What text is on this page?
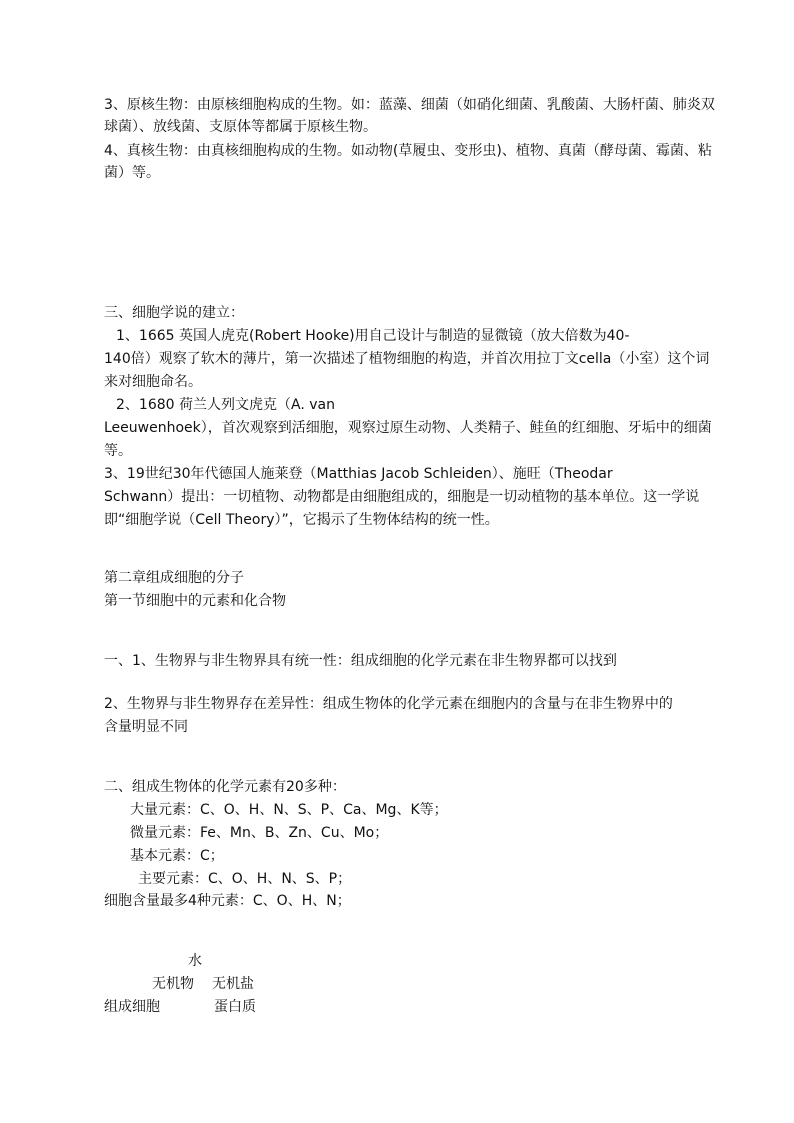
3、原核生物：由原核细胞构成的生物。如：蓝藻、细菌（如硝化细菌、乳酸菌、大肠杆菌、肺炎双
球菌）、放线菌、支原体等都属于原核生物。
4、真核生物：由真核细胞构成的生物。如动物(草履虫、变形虫)、植物、真菌（酵母菌、霉菌、粘
菌）等。
三、细胞学说的建立：
1、1665 英国人虎克(Robert Hooke)用自己设计与制造的显微镜（放大倍数为40-
140倍）观察了软木的薄片，第一次描述了植物细胞的构造，并首次用拉丁文cella（小室）这个词
来对细胞命名。
2、1680 荷兰人列文虎克（A. van
Leeuwenhoek），首次观察到活细胞，观察过原生动物、人类精子、鲑鱼的红细胞、牙垢中的细菌
等。
3、19世纪30年代德国人施莱登（Matthias Jacob Schleiden）、施旺（Theodar
Schwann）提出：一切植物、动物都是由细胞组成的，细胞是一切动植物的基本单位。这一学说
即“细胞学说（Cell Theory）”，它揭示了生物体结构的统一性。
第二章组成细胞的分子
第一节细胞中的元素和化合物
一、1、生物界与非生物界具有统一性：组成细胞的化学元素在非生物界都可以找到
2、生物界与非生物界存在差异性：组成生物体的化学元素在细胞内的含量与在非生物界中的
含量明显不同
二、组成生物体的化学元素有20多种：
大量元素：C、O、H、N、S、P、Ca、Mg、K等；
微量元素：Fe、Mn、B、Zn、Cu、Mo；
基本元素：C；
主要元素：C、O、H、N、S、P；
细胞含量最多4种元素：C、O、H、N；
水
无机物 无机盐
组成细胞	蛋白质
